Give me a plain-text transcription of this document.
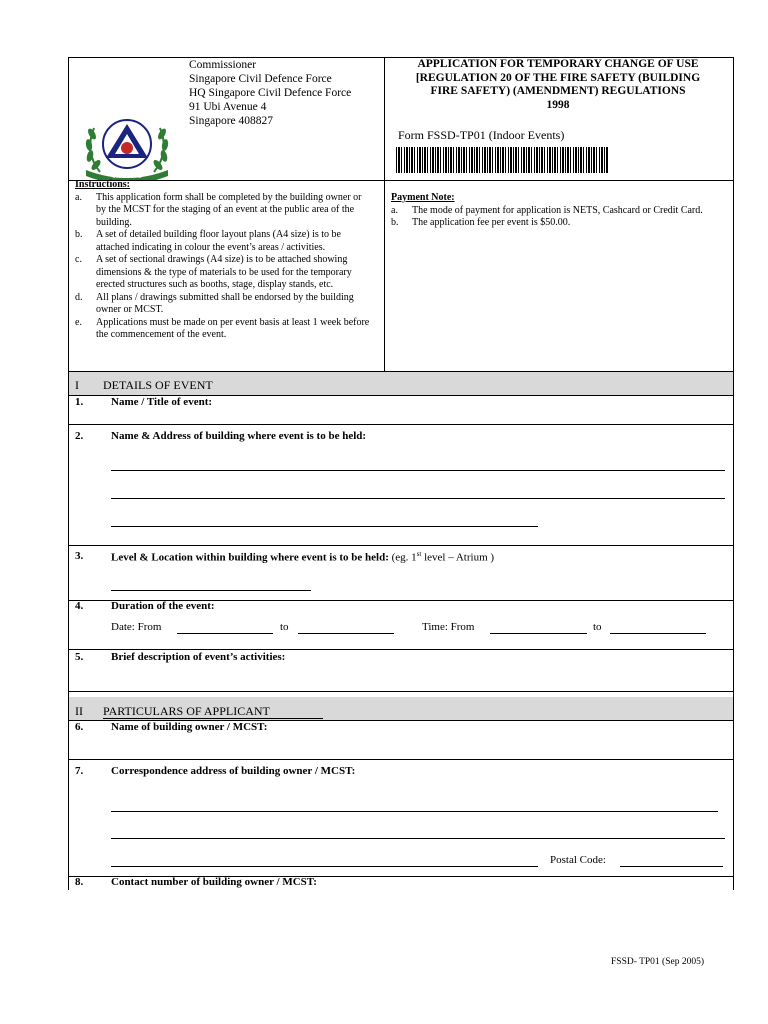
SINGAPORE
Commissioner
Singapore Civil Defence Force
HQ Singapore Civil Defence Force
91 Ubi Avenue 4
Singapore 408827
APPLICATION FOR TEMPORARY CHANGE OF USE
[REGULATION 20 OF THE FIRE SAFETY (BUILDING
FIRE SAFETY) (AMENDMENT) REGULATIONS
1998
Form FSSD-TP01 (Indoor Events)
Instructions:
a. This application form shall be completed by the building owner or by the MCST for the staging of an event at the public area of the building.
b. A set of detailed building floor layout plans (A4 size) is to be attached indicating in colour the event’s areas / activities.
c. A set of sectional drawings (A4 size) is to be attached showing dimensions & the type of materials to be used for the temporary erected structures such as booths, stage, display stands, etc.
d. All plans / drawings submitted shall be endorsed by the building owner or MCST.
e. Applications must be made on per event basis at least 1 week before the commencement of the event.
Payment Note:
a. The mode of payment for application is NETS, Cashcard or Credit Card.
b. The application fee per event is $50.00.
I DETAILS OF EVENT
1.	Name / Title of event:
2.	Name & Address of building where event is to be held:
3.	Level & Location within building where event is to be held: (eg. 1st level – Atrium )
4.	Duration of the event:
Date: From	to	Time: From	to
5.	Brief description of event’s activities:
II PARTICULARS OF APPLICANT
6.	Name of building owner / MCST:
7.	Correspondence address of building owner / MCST:
Postal Code:
8.	Contact number of building owner / MCST:
FSSD- TP01 (Sep 2005)
